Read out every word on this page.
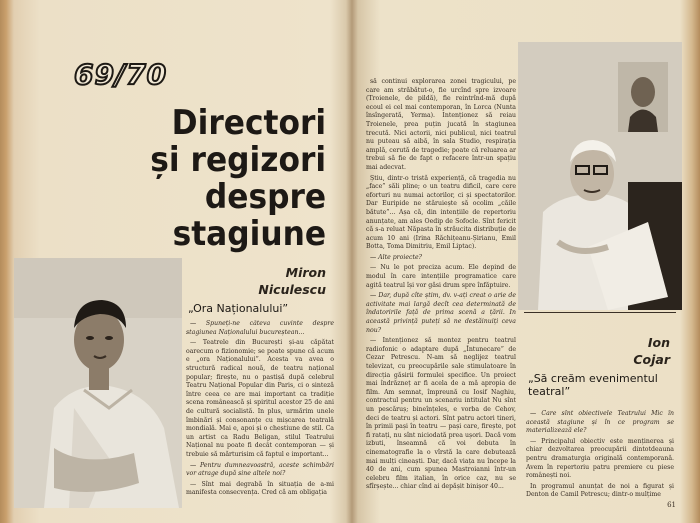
69/70
Directori
și regizori
despre
stagiune
Miron
Niculescu
„Ora Naționalului”

— Spuneți-ne câteva cuvinte despre stagiunea Naționalului bucureștean...

— Teatrele din București și-au căpătat oarecum o fizionomie; se poate spune că acum e „ora Naționalului”. Acesta va avea o structură radical nouă, de teatru național popular; firește, nu o pastișă după celebrul Teatru Național Popular din Paris, ci o sinteză între ceea ce are mai important ca tradiție scena românească și spiritul acestor 25 de ani de cultură socialistă. In plus, urmărim unele îmbinări și consonanțe cu mișcarea teatrală mondială. Mai e, apoi și o chestiune de stil. Ca un artist ca Radu Beligan, stilul Teatrului Național nu poate fi decât contemporan — și trebuie să mărturisim că faptul e important...

— Pentru dumneavoastră, aceste schimbări vor atrage după sine altele noi?

— Sînt mai degrabă în situația de a-mi manifesta consecvența. Cred că am obligația

să continui explorarea zonei tragicului, pe care am străbătut-o, fie urcînd spre izvoare (Troienele, de pildă), fie reintrînd-mă după ecoul ei cel mai contemporan, în Lorca (Nunta însîngerată, Yerma). Intenționez să reiau Troienele, prea puțin jucată în stagiunea trecută. Nici actorii, nici publicul, nici teatrul nu puteau să aibă, în sala Studio, respirația amplă, cerută de tragedie; poate că reluarea ar trebui să fie de fapt o refacere într-un spațiu mai adecvat.

Știu, dintr-o tristă experiență, că tragedia nu „face” săli pline; o un teatru dificil, care cere eforturi nu numai actorilor, ci și spectatorilor. Dar Euripide ne stăruiește să ocolim „căile bătute”... Așa că, din intențiile de repertoriu anunțate, am ales Oedip de Sofocle. Sînt fericit că s-a reluat Năpasta în străucita distribuție de acum 10 ani (Irina Răchițeanu-Șirianu, Emil Botta, Toma Dimitriu, Emil Liptac).

— Alte proiecte?

— Nu le pot preciza acum. Ele depind de modul în care intențiile programatice care agită teatrul își vor găsi drum spre înfăptuire.

— Dar, după cîte știm, dv. v-ați creat o arie de activitate mai largă decît cea determinată de îndatoririle față de prima scenă a țării. In această privință puteți să ne destăinuiți ceva nou?

— Intenționez să montez pentru teatrul radiofonic o adaptare după „Întunecare” de Cezar Petrescu. N-am să neglijez teatrul televizat, cu preocupările sale stimulatoare în direcția găsirii formulei specifice. Un proiect mai îndrăzneț ar fi acela de a mă apropia de film. Am semnat, împreună cu Iosif Naghiu, contractul pentru un scenariu intitulat Nu sînt un pescăruș; bineînțeles, e vorba de Cehov, deci de teatru și actori. Sînt patru actori tineri, în primii pași în teatru — pași care, firește, pot fi ratați, nu sînt niciodată prea ușori. Dacă vom izbuti, înseamnă că voi debuta în cinematografie la o vîrstă la care debutează mai mulți cineaști. Dar, dacă viața nu începe la 40 de ani, cum spunea Mastroianni într-un celebru film italian, în orice caz, nu se sfîrșește... chiar cînd ai depășit binișor 40...

Ion
Cojar
„Să creăm evenimentul teatral”

— Care sînt obiectivele Teatrului Mic în această stagiune și în ce program se materializează ele?

— Principalul obiectiv este menținerea și chiar dezvoltarea preocupării dintotdeauna pentru dramaturgia originală contemporană. Avem în repertoriu patru premiere cu piese românești noi.

In programul anunțat de noi a figurat și Denton de Camil Petrescu; dintr-o mulțime

61
